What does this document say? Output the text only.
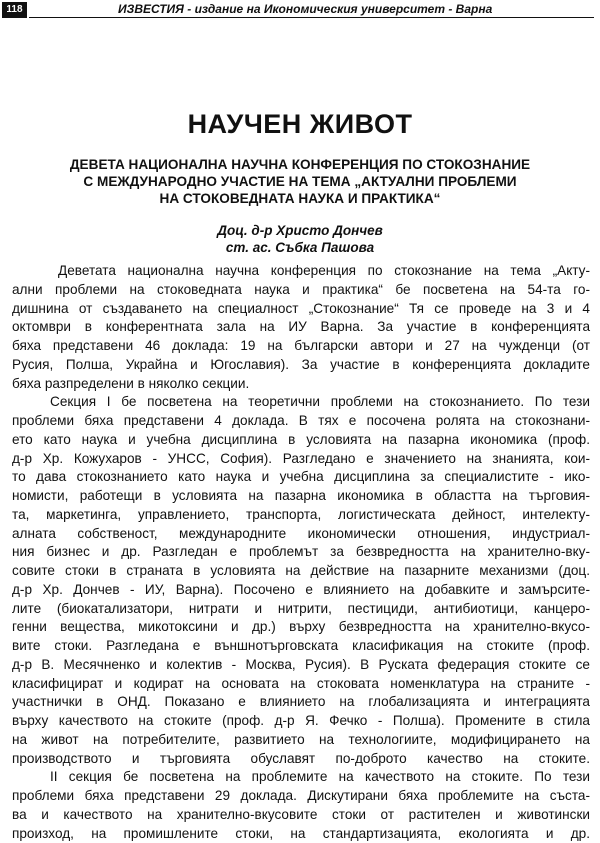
118	ИЗВЕСТИЯ - издание на Икономическия университет - Варна
НАУЧЕН ЖИВОТ
ДЕВЕТА НАЦИОНАЛНА НАУЧНА КОНФЕРЕНЦИЯ ПО СТОКОЗНАНИЕ
С МЕЖДУНАРОДНО УЧАСТИЕ НА ТЕМА „АКТУАЛНИ ПРОБЛЕМИ
НА СТОКОВЕДНАТА НАУКА И ПРАКТИКА“
Доц. д-р Христо Дончев
ст. ас. Събка Пашова
Деветата национална научна конференция по стокознание на тема „Акту-
ални проблеми на стоковедната наука и практика“ бе посветена на 54-та го-
дишнина от създаването на специалност „Стокознание“ Тя се проведе на 3 и 4
октомври в конферентната зала на ИУ Варна. За участие в конференцията
бяха представени 46 доклада: 19 на български автори и 27 на чужденци (от
Русия, Полша, Украйна и Югославия). За участие в конференцията докладите
бяха разпределени в няколко секции.
Секция I бе посветена на теоретични проблеми на стокознанието. По тези
проблеми бяха представени 4 доклада. В тях е посочена ролята на стокознани-
ето като наука и учебна дисциплина в условията на пазарна икономика (проф.
д-р Хр. Кожухаров - УНСС, София). Разгледано е значението на знанията, кои-
то дава стокознанието като наука и учебна дисциплина за специалистите - ико-
номисти, работещи в условията на пазарна икономика в областта на търговия-
та, маркетинга, управлението, транспорта, логистическата дейност, интелекту-
алната собственост, международните икономически отношения, индустриал-
ния бизнес и др. Разгледан е проблемът за безвредността на хранително-вку-
совите стоки в страната в условията на действие на пазарните механизми (доц.
д-р Хр. Дончев - ИУ, Варна). Посочено е влиянието на добавките и замърсите-
лите (биокатализатори, нитрати и нитрити, пестициди, антибиотици, канцеро-
генни вещества, микотоксини и др.) върху безвредността на хранително-вкусо-
вите стоки. Разгледана е външнотърговската класификация на стоките (проф.
д-р В. Месячненко и колектив - Москва, Русия). В Руската федерация стоките се
класифицират и кодират на основата на стоковата номенклатура на страните -
участнички в ОНД. Показано е влиянието на глобализацията и интеграцията
върху качеството на стоките (проф. д-р Я. Фечко - Полша). Промените в стила
на живот на потребителите, развитието на технологиите, модифицирането на
производството и търговията обуславят по-доброто качество на стоките.
II секция бе посветена на проблемите на качеството на стоките. По тези
проблеми бяха представени 29 доклада. Дискутирани бяха проблемите на съста-
ва и качеството на хранително-вкусовите стоки от растителен и животински
произход, на промишлените стоки, на стандартизацията, екологията и др.
